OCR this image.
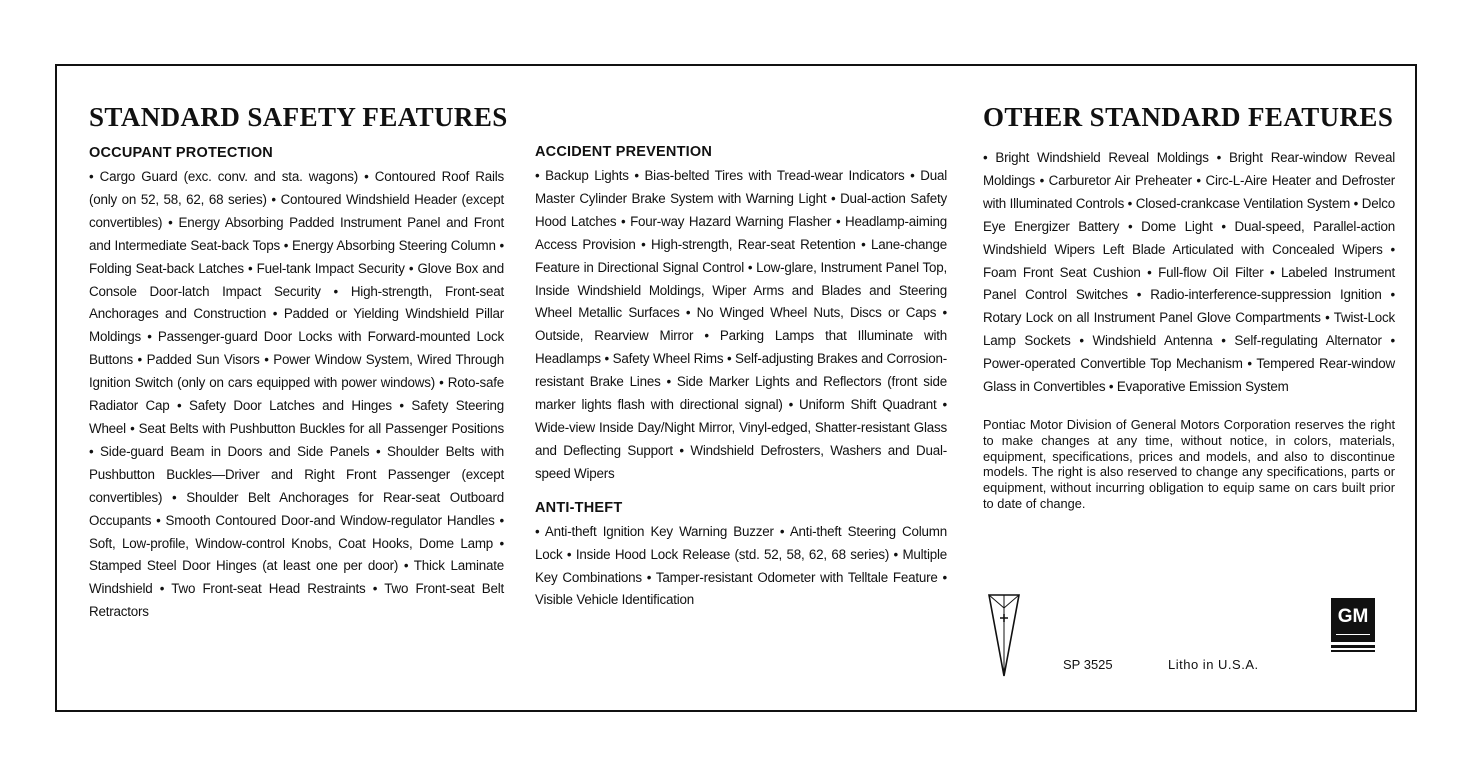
STANDARD SAFETY FEATURES
OCCUPANT PROTECTION
• Cargo Guard (exc. conv. and sta. wagons) • Contoured Roof Rails (only on 52, 58, 62, 68 series) • Contoured Windshield Header (except convertibles) • Energy Absorbing Padded Instrument Panel and Front and Intermediate Seat-back Tops • Energy Absorbing Steering Column • Folding Seat-back Latches • Fuel-tank Impact Security • Glove Box and Console Door-latch Impact Security • High-strength, Front-seat Anchorages and Construction • Padded or Yielding Windshield Pillar Moldings • Passenger-guard Door Locks with Forward-mounted Lock Buttons • Padded Sun Visors • Power Window System, Wired Through Ignition Switch (only on cars equipped with power windows) • Roto-safe Radiator Cap • Safety Door Latches and Hinges • Safety Steering Wheel • Seat Belts with Pushbutton Buckles for all Passenger Positions • Side-guard Beam in Doors and Side Panels • Shoulder Belts with Pushbutton Buckles—Driver and Right Front Passenger (except convertibles) • Shoulder Belt Anchorages for Rear-seat Outboard Occupants • Smooth Contoured Door-and Window-regulator Handles • Soft, Low-profile, Window-control Knobs, Coat Hooks, Dome Lamp • Stamped Steel Door Hinges (at least one per door) • Thick Laminate Windshield • Two Front-seat Head Restraints • Two Front-seat Belt Retractors
ACCIDENT PREVENTION
• Backup Lights • Bias-belted Tires with Tread-wear Indicators • Dual Master Cylinder Brake System with Warning Light • Dual-action Safety Hood Latches • Four-way Hazard Warning Flasher • Headlamp-aiming Access Provision • High-strength, Rear-seat Retention • Lane-change Feature in Directional Signal Control • Low-glare, Instrument Panel Top, Inside Windshield Moldings, Wiper Arms and Blades and Steering Wheel Metallic Surfaces • No Winged Wheel Nuts, Discs or Caps • Outside, Rearview Mirror • Parking Lamps that Illuminate with Headlamps • Safety Wheel Rims • Self-adjusting Brakes and Corrosion-resistant Brake Lines • Side Marker Lights and Reflectors (front side marker lights flash with directional signal) • Uniform Shift Quadrant • Wide-view Inside Day/Night Mirror, Vinyl-edged, Shatter-resistant Glass and Deflecting Support • Windshield Defrosters, Washers and Dual-speed Wipers
ANTI-THEFT
• Anti-theft Ignition Key Warning Buzzer • Anti-theft Steering Column Lock • Inside Hood Lock Release (std. 52, 58, 62, 68 series) • Multiple Key Combinations • Tamper-resistant Odometer with Telltale Feature • Visible Vehicle Identification
OTHER STANDARD FEATURES
• Bright Windshield Reveal Moldings • Bright Rear-window Reveal Moldings • Carburetor Air Preheater • Circ-L-Aire Heater and Defroster with Illuminated Controls • Closed-crankcase Ventilation System • Delco Eye Energizer Battery • Dome Light • Dual-speed, Parallel-action Windshield Wipers Left Blade Articulated with Concealed Wipers • Foam Front Seat Cushion • Full-flow Oil Filter • Labeled Instrument Panel Control Switches • Radio-interference-suppression Ignition • Rotary Lock on all Instrument Panel Glove Compartments • Twist-Lock Lamp Sockets • Windshield Antenna • Self-regulating Alternator • Power-operated Convertible Top Mechanism • Tempered Rear-window Glass in Convertibles • Evaporative Emission System
Pontiac Motor Division of General Motors Corporation reserves the right to make changes at any time, without notice, in colors, materials, equipment, specifications, prices and models, and also to discontinue models. The right is also reserved to change any specifications, parts or equipment, without incurring obligation to equip same on cars built prior to date of change.
SP 3525	Litho in U.S.A.
GM
